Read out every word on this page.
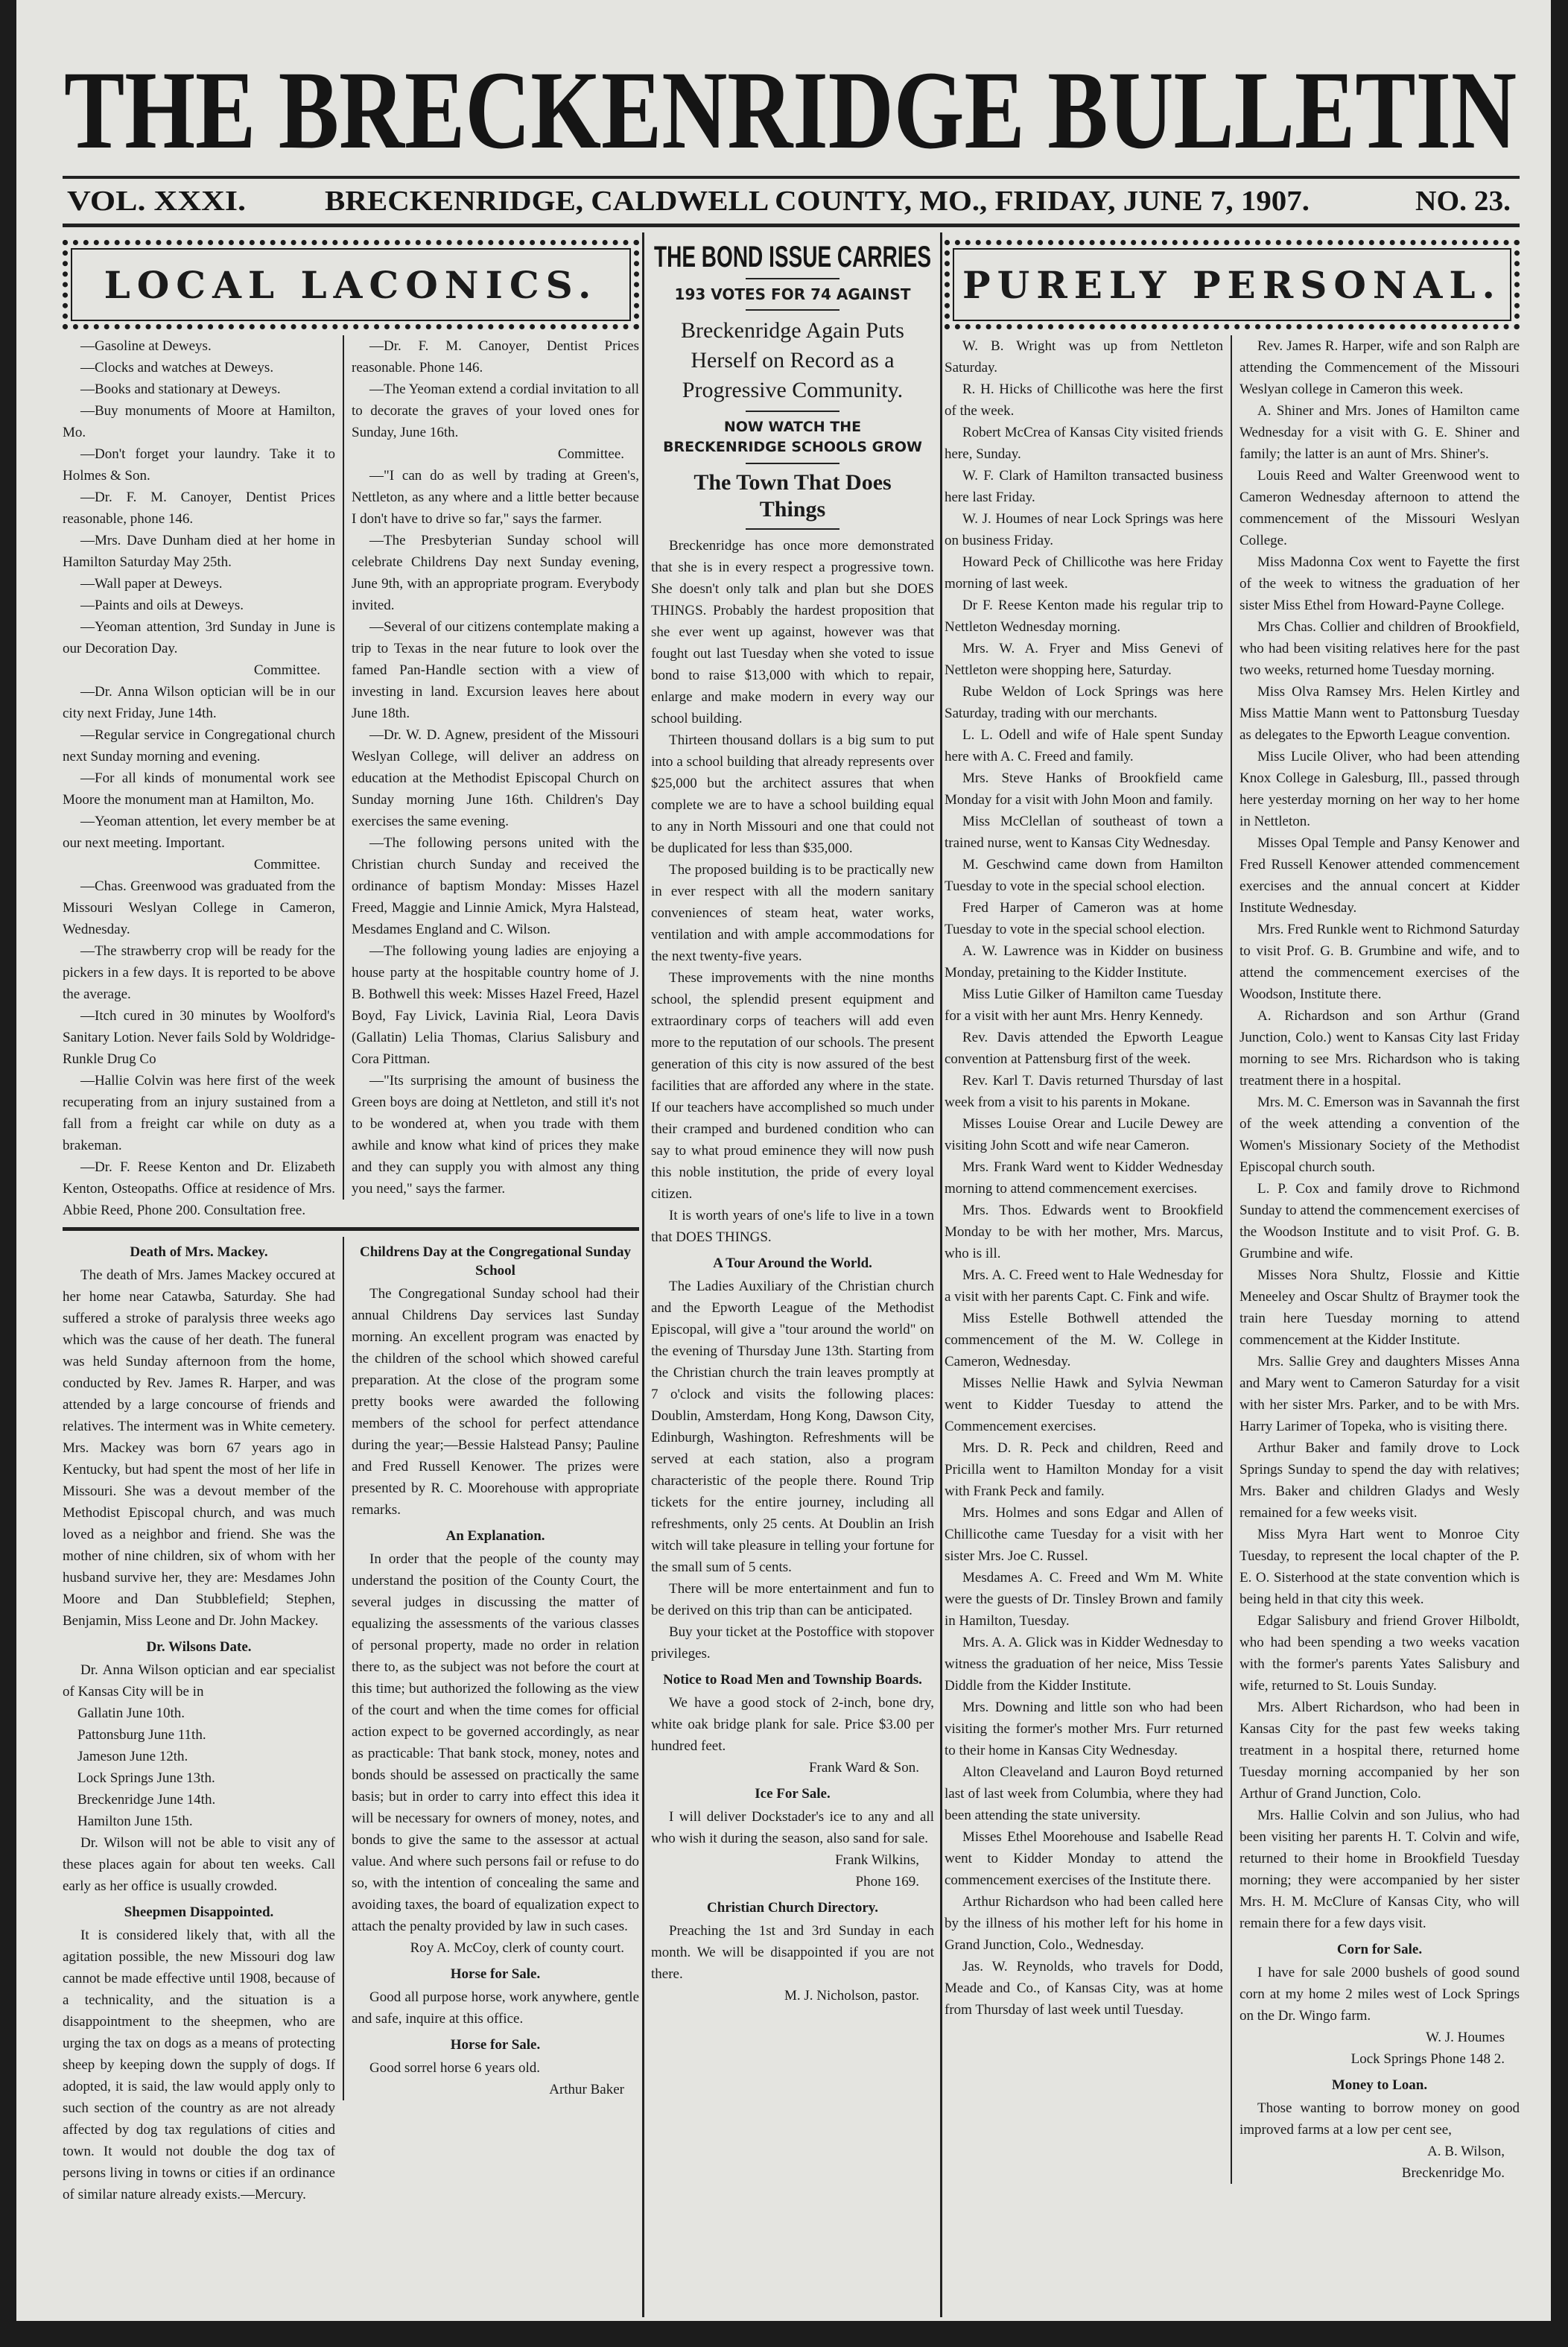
THE BRECKENRIDGE BULLETIN
VOL. XXXI.	BRECKENRIDGE, CALDWELL COUNTY, MO., FRIDAY, JUNE 7, 1907.	NO. 23.
LOCAL LACONICS.
—Gasoline at Deweys.
—Clocks and watches at Deweys.
—Books and stationary at Deweys.
—Buy monuments of Moore at Hamilton, Mo.
—Don't forget your laundry. Take it to Holmes & Son.
—Dr. F. M. Canoyer, Dentist Prices reasonable, phone 146.
—Mrs. Dave Dunham died at her home in Hamilton Saturday May 25th.
—Wall paper at Deweys.
—Paints and oils at Deweys.
—Yeoman attention, 3rd Sunday in June is our Decoration Day.
Committee.
—Dr. Anna Wilson optician will be in our city next Friday, June 14th.
—Regular service in Congregational church next Sunday morning and evening.
—For all kinds of monumental work see Moore the monument man at Hamilton, Mo.
—Yeoman attention, let every member be at our next meeting. Important.
Committee.
—Chas. Greenwood was graduated from the Missouri Weslyan College in Cameron, Wednesday.
—The strawberry crop will be ready for the pickers in a few days. It is reported to be above the average.
—Itch cured in 30 minutes by Woolford's Sanitary Lotion. Never fails Sold by Woldridge-Runkle Drug Co
—Hallie Colvin was here first of the week recuperating from an injury sustained from a fall from a freight car while on duty as a brakeman.
—Dr. F. Reese Kenton and Dr. Elizabeth Kenton, Osteopaths. Office at residence of Mrs. Abbie Reed, Phone 200. Consultation free.
—Dr. F. M. Canoyer, Dentist Prices reasonable. Phone 146.
—The Yeoman extend a cordial invitation to all to decorate the graves of your loved ones for Sunday, June 16th.
Committee.
—"I can do as well by trading at Green's, Nettleton, as any where and a little better because I don't have to drive so far," says the farmer.
—The Presbyterian Sunday school will celebrate Childrens Day next Sunday evening, June 9th, with an appropriate program. Everybody invited.
—Several of our citizens contemplate making a trip to Texas in the near future to look over the famed Pan-Handle section with a view of investing in land. Excursion leaves here about June 18th.
—Dr. W. D. Agnew, president of the Missouri Weslyan College, will deliver an address on education at the Methodist Episcopal Church on Sunday morning June 16th. Children's Day exercises the same evening.
—The following persons united with the Christian church Sunday and received the ordinance of baptism Monday: Misses Hazel Freed, Maggie and Linnie Amick, Myra Halstead, Mesdames England and C. Wilson.
—The following young ladies are enjoying a house party at the hospitable country home of J. B. Bothwell this week: Misses Hazel Freed, Hazel Boyd, Fay Livick, Lavinia Rial, Leora Davis (Gallatin) Lelia Thomas, Clarius Salisbury and Cora Pittman.
—"Its surprising the amount of business the Green boys are doing at Nettleton, and still it's not to be wondered at, when you trade with them awhile and know what kind of prices they make and they can supply you with almost any thing you need," says the farmer.
Death of Mrs. Mackey.
The death of Mrs. James Mackey occured at her home near Catawba, Saturday. She had suffered a stroke of paralysis three weeks ago which was the cause of her death. The funeral was held Sunday afternoon from the home, conducted by Rev. James R. Harper, and was attended by a large concourse of friends and relatives. The interment was in White cemetery. Mrs. Mackey was born 67 years ago in Kentucky, but had spent the most of her life in Missouri. She was a devout member of the Methodist Episcopal church, and was much loved as a neighbor and friend. She was the mother of nine children, six of whom with her husband survive her, they are: Mesdames John Moore and Dan Stubblefield; Stephen, Benjamin, Miss Leone and Dr. John Mackey.
Dr. Wilsons Date.
Dr. Anna Wilson optician and ear specialist of Kansas City will be in
Gallatin June 10th.
Pattonsburg June 11th.
Jameson June 12th.
Lock Springs June 13th.
Breckenridge June 14th.
Hamilton June 15th.
Dr. Wilson will not be able to visit any of these places again for about ten weeks. Call early as her office is usually crowded.
Sheepmen Disappointed.
It is considered likely that, with all the agitation possible, the new Missouri dog law cannot be made effective until 1908, because of a technicality, and the situation is a disappointment to the sheepmen, who are urging the tax on dogs as a means of protecting sheep by keeping down the supply of dogs. If adopted, it is said, the law would apply only to such section of the country as are not already affected by dog tax regulations of cities and town. It would not double the dog tax of persons living in towns or cities if an ordinance of similar nature already exists.—Mercury.
Childrens Day at the Congregational Sunday School
The Congregational Sunday school had their annual Childrens Day services last Sunday morning. An excellent program was enacted by the children of the school which showed careful preparation. At the close of the program some pretty books were awarded the following members of the school for perfect attendance during the year;—Bessie Halstead Pansy; Pauline and Fred Russell Kenower. The prizes were presented by R. C. Moorehouse with appropriate remarks.
An Explanation.
In order that the people of the county may understand the position of the County Court, the several judges in discussing the matter of equalizing the assessments of the various classes of personal property, made no order in relation there to, as the subject was not before the court at this time; but authorized the following as the view of the court and when the time comes for official action expect to be governed accordingly, as near as practicable: That bank stock, money, notes and bonds should be assessed on practically the same basis; but in order to carry into effect this idea it will be necessary for owners of money, notes, and bonds to give the same to the assessor at actual value. And where such persons fail or refuse to do so, with the intention of concealing the same and avoiding taxes, the board of equalization expect to attach the penalty provided by law in such cases.
Roy A. McCoy, clerk of county court.
Horse for Sale.
Good all purpose horse, work anywhere, gentle and safe, inquire at this office.
Horse for Sale.
Good sorrel horse 6 years old.
Arthur Baker
THE BOND ISSUE CARRIES
193 VOTES FOR 74 AGAINST
Breckenridge Again Puts Herself on Record as a Progressive Community.
NOW WATCH THE BRECKENRIDGE SCHOOLS GROW
The Town That Does Things
Breckenridge has once more demonstrated that she is in every respect a progressive town. She doesn't only talk and plan but she DOES THINGS. Probably the hardest proposition that she ever went up against, however was that fought out last Tuesday when she voted to issue bond to raise $13,000 with which to repair, enlarge and make modern in every way our school building.
Thirteen thousand dollars is a big sum to put into a school building that already represents over $25,000 but the architect assures that when complete we are to have a school building equal to any in North Missouri and one that could not be duplicated for less than $35,000.
The proposed building is to be practically new in ever respect with all the modern sanitary conveniences of steam heat, water works, ventilation and with ample accommodations for the next twenty-five years.
These improvements with the nine months school, the splendid present equipment and extraordinary corps of teachers will add even more to the reputation of our schools. The present generation of this city is now assured of the best facilities that are afforded any where in the state. If our teachers have accomplished so much under their cramped and burdened condition who can say to what proud eminence they will now push this noble institution, the pride of every loyal citizen.
It is worth years of one's life to live in a town that DOES THINGS.
A Tour Around the World.
The Ladies Auxiliary of the Christian church and the Epworth League of the Methodist Episcopal, will give a "tour around the world" on the evening of Thursday June 13th. Starting from the Christian church the train leaves promptly at 7 o'clock and visits the following places: Doublin, Amsterdam, Hong Kong, Dawson City, Edinburgh, Washington. Refreshments will be served at each station, also a program characteristic of the people there. Round Trip tickets for the entire journey, including all refreshments, only 25 cents. At Doublin an Irish witch will take pleasure in telling your fortune for the small sum of 5 cents.
There will be more entertainment and fun to be derived on this trip than can be anticipated.
Buy your ticket at the Postoffice with stopover privileges.
Notice to Road Men and Township Boards.
We have a good stock of 2-inch, bone dry, white oak bridge plank for sale. Price $3.00 per hundred feet.
Frank Ward & Son.
Ice For Sale.
I will deliver Dockstader's ice to any and all who wish it during the season, also sand for sale.
Frank Wilkins,
Phone 169.
Christian Church Directory.
Preaching the 1st and 3rd Sunday in each month. We will be disappointed if you are not there.
M. J. Nicholson, pastor.
PURELY PERSONAL.
W. B. Wright was up from Nettleton Saturday.
R. H. Hicks of Chillicothe was here the first of the week.
Robert McCrea of Kansas City visited friends here, Sunday.
W. F. Clark of Hamilton transacted business here last Friday.
W. J. Houmes of near Lock Springs was here on business Friday.
Howard Peck of Chillicothe was here Friday morning of last week.
Dr F. Reese Kenton made his regular trip to Nettleton Wednesday morning.
Mrs. W. A. Fryer and Miss Genevi of Nettleton were shopping here, Saturday.
Rube Weldon of Lock Springs was here Saturday, trading with our merchants.
L. L. Odell and wife of Hale spent Sunday here with A. C. Freed and family.
Mrs. Steve Hanks of Brookfield came Monday for a visit with John Moon and family.
Miss McClellan of southeast of town a trained nurse, went to Kansas City Wednesday.
M. Geschwind came down from Hamilton Tuesday to vote in the special school election.
Fred Harper of Cameron was at home Tuesday to vote in the special school election.
A. W. Lawrence was in Kidder on business Monday, pretaining to the Kidder Institute.
Miss Lutie Gilker of Hamilton came Tuesday for a visit with her aunt Mrs. Henry Kennedy.
Rev. Davis attended the Epworth League convention at Pattensburg first of the week.
Rev. Karl T. Davis returned Thursday of last week from a visit to his parents in Mokane.
Misses Louise Orear and Lucile Dewey are visiting John Scott and wife near Cameron.
Mrs. Frank Ward went to Kidder Wednesday morning to attend commencement exercises.
Mrs. Thos. Edwards went to Brookfield Monday to be with her mother, Mrs. Marcus, who is ill.
Mrs. A. C. Freed went to Hale Wednesday for a visit with her parents Capt. C. Fink and wife.
Miss Estelle Bothwell attended the commencement of the M. W. College in Cameron, Wednesday.
Misses Nellie Hawk and Sylvia Newman went to Kidder Tuesday to attend the Commencement exercises.
Mrs. D. R. Peck and children, Reed and Pricilla went to Hamilton Monday for a visit with Frank Peck and family.
Mrs. Holmes and sons Edgar and Allen of Chillicothe came Tuesday for a visit with her sister Mrs. Joe C. Russel.
Mesdames A. C. Freed and Wm M. White were the guests of Dr. Tinsley Brown and family in Hamilton, Tuesday.
Mrs. A. A. Glick was in Kidder Wednesday to witness the graduation of her neice, Miss Tessie Diddle from the Kidder Institute.
Mrs. Downing and little son who had been visiting the former's mother Mrs. Furr returned to their home in Kansas City Wednesday.
Alton Cleaveland and Lauron Boyd returned last of last week from Columbia, where they had been attending the state university.
Misses Ethel Moorehouse and Isabelle Read went to Kidder Monday to attend the commencement exercises of the Institute there.
Arthur Richardson who had been called here by the illness of his mother left for his home in Grand Junction, Colo., Wednesday.
Jas. W. Reynolds, who travels for Dodd, Meade and Co., of Kansas City, was at home from Thursday of last week until Tuesday.
Rev. James R. Harper, wife and son Ralph are attending the Commencement of the Missouri Weslyan college in Cameron this week.
A. Shiner and Mrs. Jones of Hamilton came Wednesday for a visit with G. E. Shiner and family; the latter is an aunt of Mrs. Shiner's.
Louis Reed and Walter Greenwood went to Cameron Wednesday afternoon to attend the commencement of the Missouri Weslyan College.
Miss Madonna Cox went to Fayette the first of the week to witness the graduation of her sister Miss Ethel from Howard-Payne College.
Mrs Chas. Collier and children of Brookfield, who had been visiting relatives here for the past two weeks, returned home Tuesday morning.
Miss Olva Ramsey Mrs. Helen Kirtley and Miss Mattie Mann went to Pattonsburg Tuesday as delegates to the Epworth League convention.
Miss Lucile Oliver, who had been attending Knox College in Galesburg, Ill., passed through here yesterday morning on her way to her home in Nettleton.
Misses Opal Temple and Pansy Kenower and Fred Russell Kenower attended commencement exercises and the annual concert at Kidder Institute Wednesday.
Mrs. Fred Runkle went to Richmond Saturday to visit Prof. G. B. Grumbine and wife, and to attend the commencement exercises of the Woodson, Institute there.
A. Richardson and son Arthur (Grand Junction, Colo.) went to Kansas City last Friday morning to see Mrs. Richardson who is taking treatment there in a hospital.
Mrs. M. C. Emerson was in Savannah the first of the week attending a convention of the Women's Missionary Society of the Methodist Episcopal church south.
L. P. Cox and family drove to Richmond Sunday to attend the commencement exercises of the Woodson Institute and to visit Prof. G. B. Grumbine and wife.
Misses Nora Shultz, Flossie and Kittie Meneeley and Oscar Shultz of Braymer took the train here Tuesday morning to attend commencement at the Kidder Institute.
Mrs. Sallie Grey and daughters Misses Anna and Mary went to Cameron Saturday for a visit with her sister Mrs. Parker, and to be with Mrs. Harry Larimer of Topeka, who is visiting there.
Arthur Baker and family drove to Lock Springs Sunday to spend the day with relatives; Mrs. Baker and children Gladys and Wesly remained for a few weeks visit.
Miss Myra Hart went to Monroe City Tuesday, to represent the local chapter of the P. E. O. Sisterhood at the state convention which is being held in that city this week.
Edgar Salisbury and friend Grover Hilboldt, who had been spending a two weeks vacation with the former's parents Yates Salisbury and wife, returned to St. Louis Sunday.
Mrs. Albert Richardson, who had been in Kansas City for the past few weeks taking treatment in a hospital there, returned home Tuesday morning accompanied by her son Arthur of Grand Junction, Colo.
Mrs. Hallie Colvin and son Julius, who had been visiting her parents H. T. Colvin and wife, returned to their home in Brookfield Tuesday morning; they were accompanied by her sister Mrs. H. M. McClure of Kansas City, who will remain there for a few days visit.
Corn for Sale.
I have for sale 2000 bushels of good sound corn at my home 2 miles west of Lock Springs on the Dr. Wingo farm.
W. J. Houmes
Lock Springs Phone 148 2.
Money to Loan.
Those wanting to borrow money on good improved farms at a low per cent see,
A. B. Wilson,
Breckenridge Mo.
